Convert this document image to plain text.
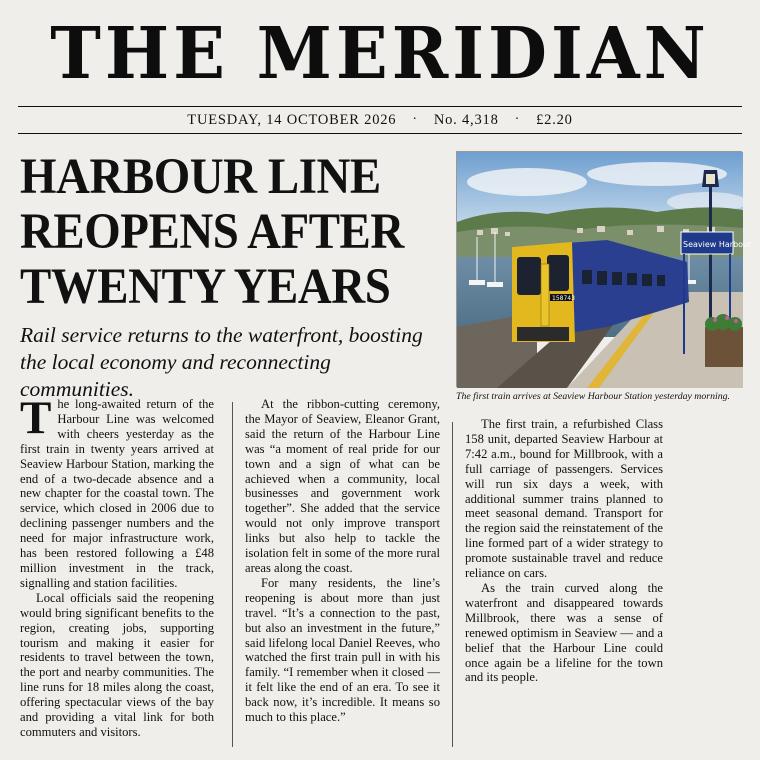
THE MERIDIAN
TUESDAY, 14 OCTOBER 2026 · No. 4,318 · £2.20
HARBOUR LINE
REOPENS AFTER
TWENTY YEARS
Rail service returns to the waterfront, boosting the local economy and reconnecting communities.
158743
Seaview Harbour
The first train arrives at Seaview Harbour Station yesterday morning.

The long-awaited return of the Harbour Line was welcomed with cheers yesterday as the first train in twenty years arrived at Seaview Harbour Station, marking the end of a two-decade absence and a new chapter for the coastal town. The service, which closed in 2006 due to declining passenger numbers and the need for major infrastructure work, has been restored following a £48 million investment in the track, signalling and station facilities.

Local officials said the reopening would bring significant benefits to the region, creating jobs, supporting tourism and making it easier for residents to travel between the town, the port and nearby communities. The line runs for 18 miles along the coast, offering spectacular views of the bay and providing a vital link for both commuters and visitors.

At the ribbon-cutting ceremony, the Mayor of Seaview, Eleanor Grant, said the return of the Harbour Line was “a moment of real pride for our town and a sign of what can be achieved when a community, local businesses and government work together”. She added that the service would not only improve transport links but also help to tackle the isolation felt in some of the more rural areas along the coast.

For many residents, the line’s reopening is about more than just travel. “It’s a connection to the past, but also an investment in the future,” said lifelong local Daniel Reeves, who watched the first train pull in with his family. “I remember when it closed — it felt like the end of an era. To see it back now, it’s incredible. It means so much to this place.”

The first train, a refurbished Class 158 unit, departed Seaview Harbour at 7:42 a.m., bound for Millbrook, with a full carriage of passengers. Services will run six days a week, with additional summer trains planned to meet seasonal demand. Transport for the region said the reinstatement of the line formed part of a wider strategy to promote sustainable travel and reduce reliance on cars.

As the train curved along the waterfront and disappeared towards Millbrook, there was a sense of renewed optimism in Seaview — and a belief that the Harbour Line could once again be a lifeline for the town and its people.
